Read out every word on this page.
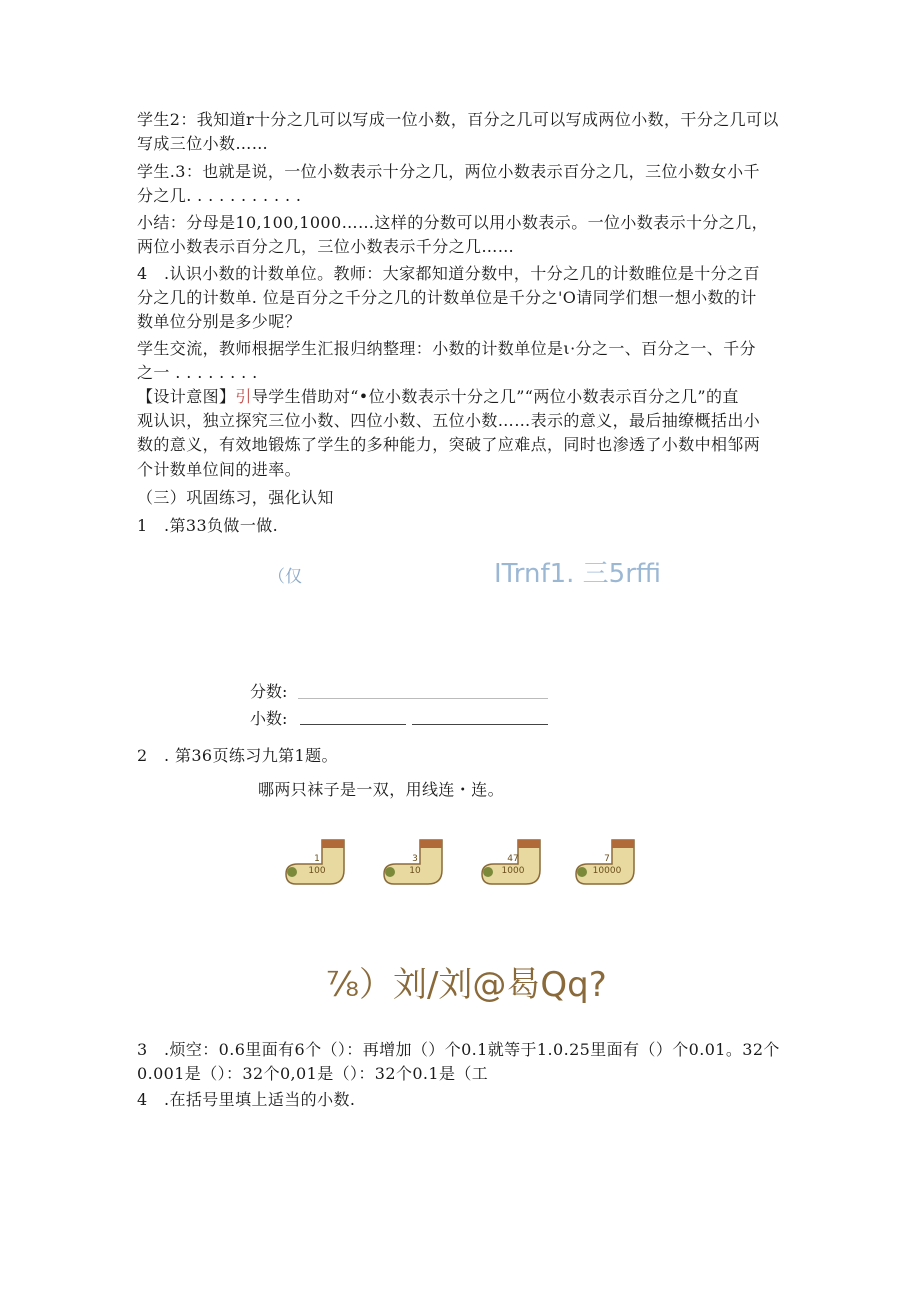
学生2：我知道r十分之几可以写成一位小数，百分之几可以写成两位小数，干分之几可以
写成三位小数……
学生.3：也就是说，一位小数表示十分之几，两位小数表示百分之几，三位小数女小千
分之几. . . . . . . . . . .
小结：分母是10,100,1000……这样的分数可以用小数表示。一位小数表示十分之几，
两位小数表示百分之几，三位小数表示千分之几……
4　.认识小数的计数单位。教师：大家都知道分数中，十分之几的计数睢位是十分之百
分之几的计数单. 位是百分之千分之几的计数单位是千分之'O请同学们想一想小数的计
数单位分别是多少呢？
学生交流，教师根据学生汇报归纳整理：小数的计数单位是ι·分之一、百分之一、千分
之一 . . . . . . . .
【设计意图】引导学生借助对“•位小数表示十分之几”“两位小数表示百分之几”的直
观认识，独立探究三位小数、四位小数、五位小数……表示的意义，最后抽缭概括出小
数的意义，有效地锻炼了学生的多种能力，突破了应难点，同时也渗透了小数中相邹两
个计数单位间的进率。
（三）巩固练习，强化认知
1　.第33负做一做.
（仅	ITrnf1. 三5rffi
分数:
小数:
2　. 第36页练习九第1题。
哪两只袜子是一双，用线连・连。
1
100
3
10
47
1000
7
10000
⅞）刘/刘@曷Qq?
3　.烦空：0.6里面有6个（）：再增加（）个0.1就等于1.0.25里面有（）个0.01。32个
0.001是（）：32个0,01是（）：32个0.1是（工
4　.在括号里填上适当的小数.
